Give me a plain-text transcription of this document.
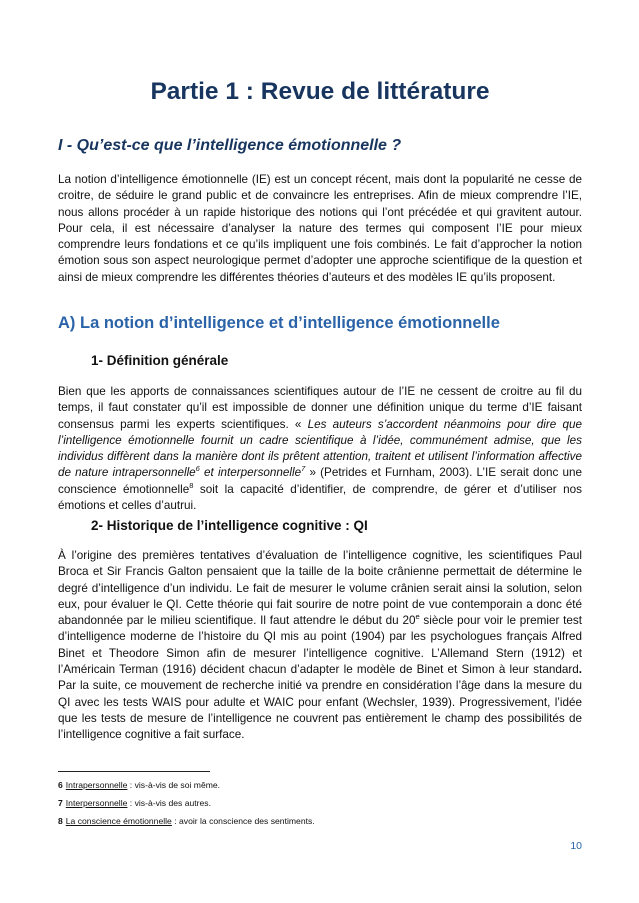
Partie 1 : Revue de littérature
I - Qu’est-ce que l’intelligence émotionnelle ?

La notion d’intelligence émotionnelle (IE) est un concept récent, mais dont la popularité ne cesse de croitre, de séduire le grand public et de convaincre les entreprises. Afin de mieux comprendre l’IE, nous allons procéder à un rapide historique des notions qui l’ont précédée et qui gravitent autour. Pour cela, il est nécessaire d’analyser la nature des termes qui composent l’IE pour mieux comprendre leurs fondations et ce qu’ils impliquent une fois combinés. Le fait d’approcher la notion émotion sous son aspect neurologique permet d’adopter une approche scientifique de la question et ainsi de mieux comprendre les différentes théories d’auteurs et des modèles IE qu’ils proposent.

A) La notion d’intelligence et d’intelligence émotionnelle
1- Définition générale

Bien que les apports de connaissances scientifiques autour de l’IE ne cessent de croitre au fil du temps, il faut constater qu’il est impossible de donner une définition unique du terme d’IE faisant consensus parmi les experts scientifiques. « Les auteurs s’accordent néanmoins pour dire que l’intelligence émotionnelle fournit un cadre scientifique à l’idée, communément admise, que les individus diffèrent dans la manière dont ils prêtent attention, traitent et utilisent l’information affective de nature intrapersonnelle$^6$ et interpersonnelle$^7$ » (Petrides et Furnham, 2003). L’IE serait donc une conscience émotionnelle$^8$ soit la capacité d’identifier, de comprendre, de gérer et d’utiliser nos émotions et celles d’autrui.

2- Historique de l’intelligence cognitive : QI

À l’origine des premières tentatives d’évaluation de l’intelligence cognitive, les scientifiques Paul Broca et Sir Francis Galton pensaient que la taille de la boite crânienne permettait de détermine le degré d’intelligence d’un individu. Le fait de mesurer le volume crânien serait ainsi la solution, selon eux, pour évaluer le QI. Cette théorie qui fait sourire de notre point de vue contemporain a donc été abandonnée par le milieu scientifique. Il faut attendre le début du 20e siècle pour voir le premier test d’intelligence moderne de l’histoire du QI mis au point (1904) par les psychologues français Alfred Binet et Theodore Simon afin de mesurer l’intelligence cognitive. L’Allemand Stern (1912) et l’Américain Terman (1916) décident chacun d’adapter le modèle de Binet et Simon à leur standard. Par la suite, ce mouvement de recherche initié va prendre en considération l’âge dans la mesure du QI avec les tests WAIS pour adulte et WAIC pour enfant (Wechsler, 1939). Progressivement, l’idée que les tests de mesure de l’intelligence ne couvrent pas entièrement le champ des possibilités de l’intelligence cognitive a fait surface.

6 Intrapersonnelle : vis-à-vis de soi même.

7 Interpersonnelle : vis-à-vis des autres.

8 La conscience émotionnelle : avoir la conscience des sentiments.

10
